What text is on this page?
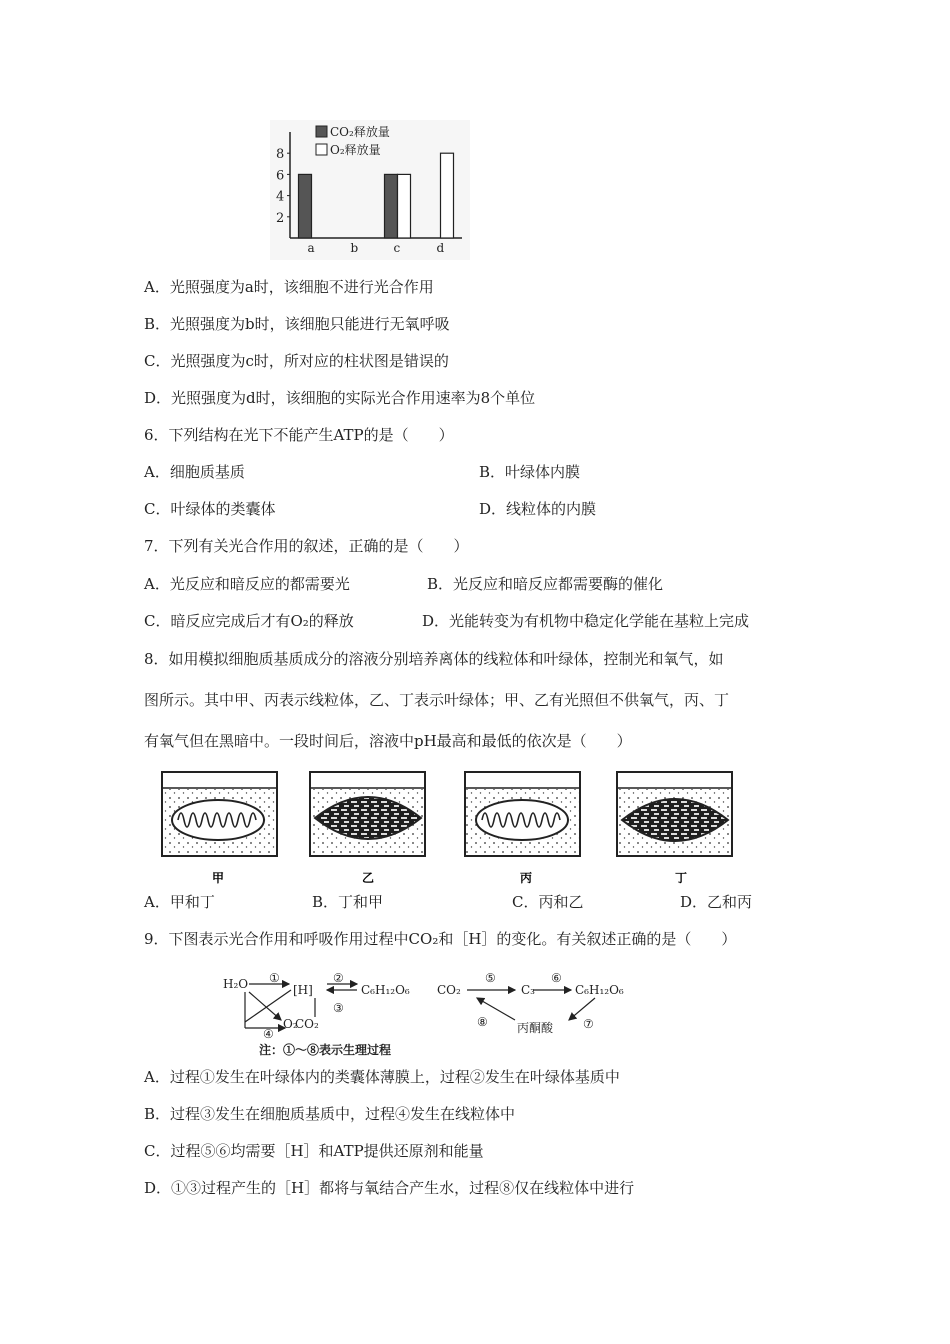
2
4
6
8
a	b	c	d
CO₂释放量
O₂释放量
A．光照强度为a时，该细胞不进行光合作用
B．光照强度为b时，该细胞只能进行无氧呼吸
C．光照强度为c时，所对应的柱状图是错误的
D．光照强度为d时，该细胞的实际光合作用速率为8个单位
6．下列结构在光下不能产生ATP的是（　　）
A．细胞质基质	B．叶绿体内膜
C．叶绿体的类囊体	D．线粒体的内膜
7．下列有关光合作用的叙述，正确的是（　　）
A．光反应和暗反应的都需要光	B．光反应和暗反应都需要酶的催化
C．暗反应完成后才有O₂的释放	D．光能转变为有机物中稳定化学能在基粒上完成
8．如用模拟细胞质基质成分的溶液分别培养离体的线粒体和叶绿体，控制光和氧气，如
图所示。其中甲、丙表示线粒体，乙、丁表示叶绿体；甲、乙有光照但不供氧气，丙、丁
有氧气但在黑暗中。一段时间后，溶液中pH最高和最低的依次是（　　）
甲	乙	丙	丁
A．甲和丁	B．丁和甲	C．丙和乙	D．乙和丙
9．下图表示光合作用和呼吸作用过程中CO₂和［H］的变化。有关叙述正确的是（　　）
H₂O	[H]	C₆H₁₂O₆
CO₂
O₂
①	②
③
④
CO₂	C₃	C₆H₁₂O₆
丙酮酸
⑤	⑥
⑦
⑧
注：①～⑧表示生理过程
A．过程①发生在叶绿体内的类囊体薄膜上，过程②发生在叶绿体基质中
B．过程③发生在细胞质基质中，过程④发生在线粒体中
C．过程⑤⑥均需要［H］和ATP提供还原剂和能量
D．①③过程产生的［H］都将与氧结合产生水，过程⑧仅在线粒体中进行
